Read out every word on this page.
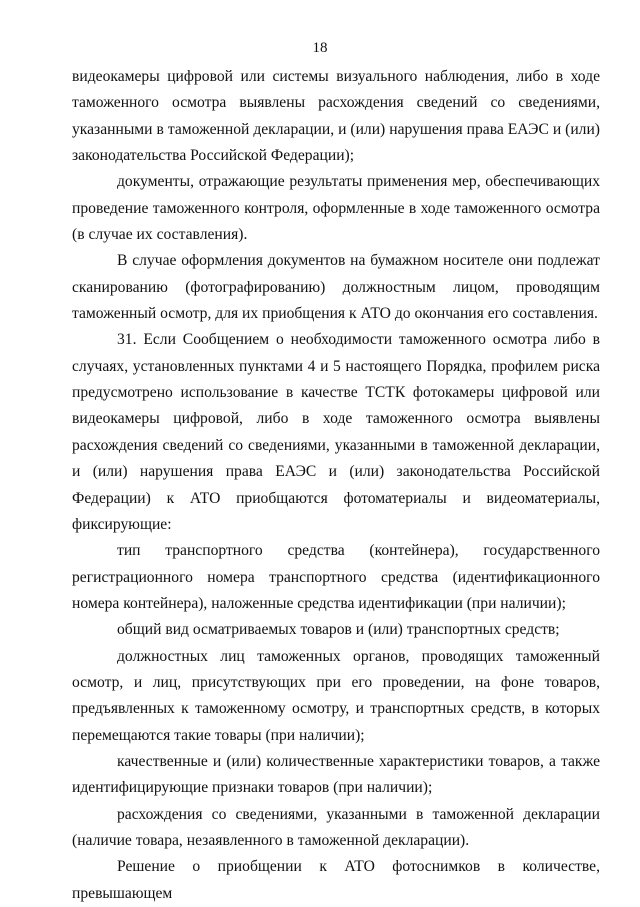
18

видеокамеры цифровой или системы визуального наблюдения, либо в ходе таможенного осмотра выявлены расхождения сведений со сведениями, указанными в таможенной декларации, и (или) нарушения права ЕАЭС и (или) законодательства Российской Федерации);

документы, отражающие результаты применения мер, обеспечивающих проведение таможенного контроля, оформленные в ходе таможенного осмотра (в случае их составления).

В случае оформления документов на бумажном носителе они подлежат сканированию (фотографированию) должностным лицом, проводящим таможенный осмотр, для их приобщения к АТО до окончания его составления.

31. Если Сообщением о необходимости таможенного осмотра либо в случаях, установленных пунктами 4 и 5 настоящего Порядка, профилем риска предусмотрено использование в качестве ТСТК фотокамеры цифровой или видеокамеры цифровой, либо в ходе таможенного осмотра выявлены расхождения сведений со сведениями, указанными в таможенной декларации, и (или) нарушения права ЕАЭС и (или) законодательства Российской Федерации) к АТО приобщаются фотоматериалы и видеоматериалы, фиксирующие:

тип транспортного средства (контейнера), государственного регистрационного номера транспортного средства (идентификационного номера контейнера), наложенные средства идентификации (при наличии);

общий вид осматриваемых товаров и (или) транспортных средств;

должностных лиц таможенных органов, проводящих таможенный осмотр, и лиц, присутствующих при его проведении, на фоне товаров, предъявленных к таможенному осмотру, и транспортных средств, в которых перемещаются такие товары (при наличии);

качественные и (или) количественные характеристики товаров, а также идентифицирующие признаки товаров (при наличии);

расхождения со сведениями, указанными в таможенной декларации (наличие товара, незаявленного в таможенной декларации).

Решение о приобщении к АТО фотоснимков в количестве, превышающем
